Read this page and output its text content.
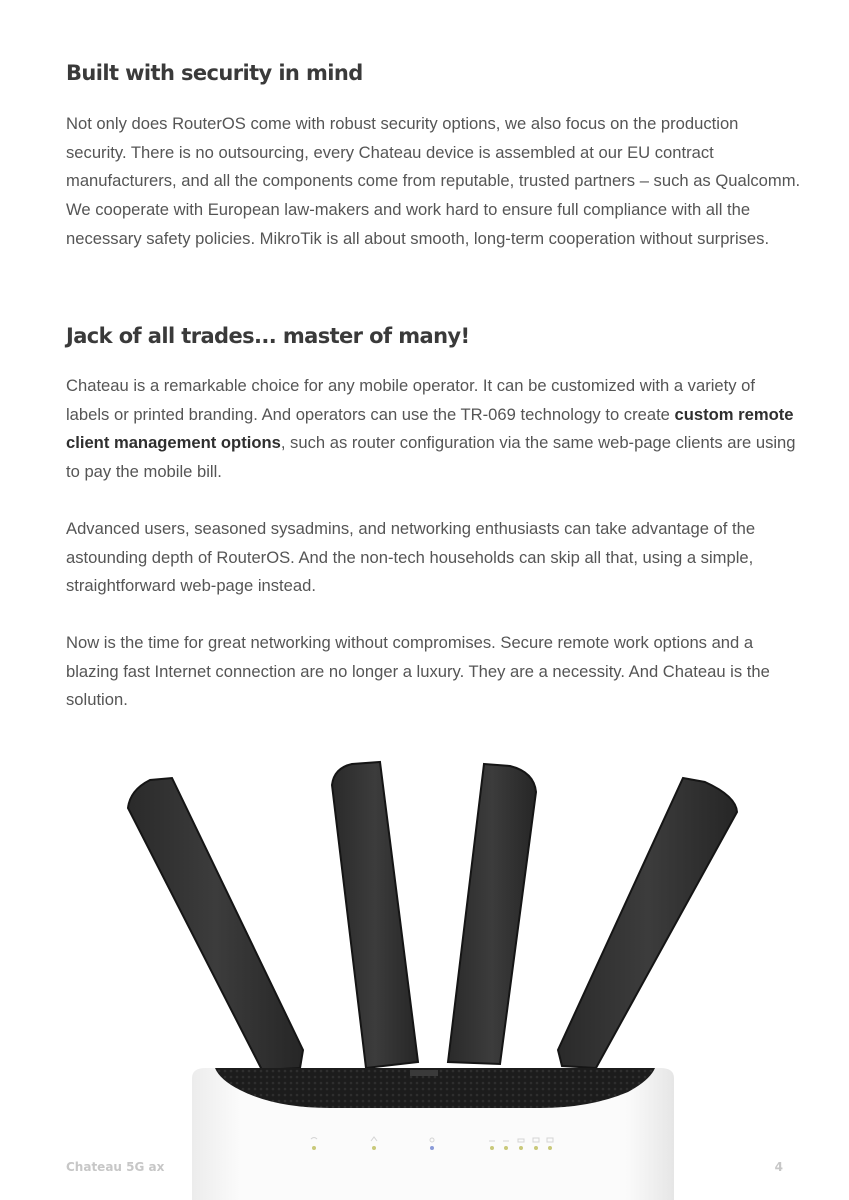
Built with security in mind

Not only does RouterOS come with robust security options, we also focus on the production security. There is no outsourcing, every Chateau device is assembled at our EU contract manufacturers, and all the components come from reputable, trusted partners – such as Qualcomm. We cooperate with European law-makers and work hard to ensure full compliance with all the necessary safety policies. MikroTik is all about smooth, long-term cooperation without surprises.

Jack of all trades... master of many!

Chateau is a remarkable choice for any mobile operator. It can be customized with a variety of labels or printed branding. And operators can use the TR-069 technology to create custom remote client management options, such as router configuration via the same web-page clients are using to pay the mobile bill.

Advanced users, seasoned sysadmins, and networking enthusiasts can take advantage of the astounding depth of RouterOS. And the non-tech households can skip all that, using a simple, straightforward web-page instead.

Now is the time for great networking without compromises. Secure remote work options and a blazing fast Internet connection are no longer a luxury. They are a necessity. And Chateau is the solution.

Chateau 5G ax	4
